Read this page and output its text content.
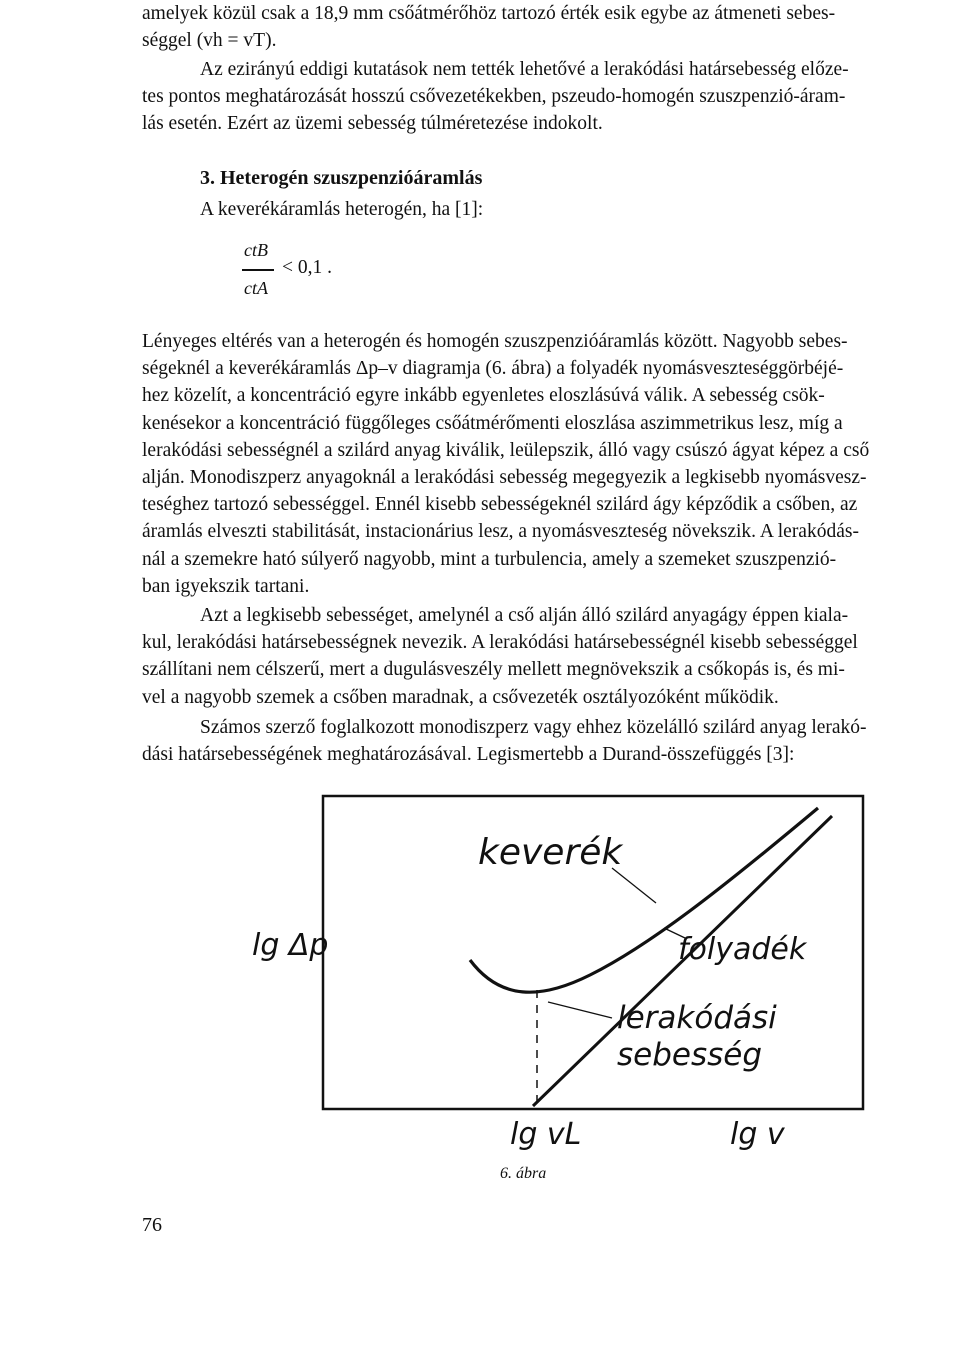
amelyek közül csak a 18,9 mm csőátmérőhöz tartozó érték esik egybe az átmeneti sebes-
séggel (vh = vT).
Az ezirányú eddigi kutatások nem tették lehetővé a lerakódási határsebesség előze-
tes pontos meghatározását hosszú csővezetékekben, pszeudo-homogén szuszpenzió-áram-
lás esetén. Ezért az üzemi sebesség túlméretezése indokolt.
3. Heterogén szuszpenzióáramlás
A keverékáramlás heterogén, ha [1]:
ctB
ctA
< 0,1 .
Lényeges eltérés van a heterogén és homogén szuszpenzióáramlás között. Nagyobb sebes-
ségeknél a keverékáramlás Δp–v diagramja (6. ábra) a folyadék nyomásveszteséggörbéjé-
hez közelít, a koncentráció egyre inkább egyenletes eloszlásúvá válik. A sebesség csök-
kenésekor a koncentráció függőleges csőátmérőmenti eloszlása aszimmetrikus lesz, míg a
lerakódási sebességnél a szilárd anyag kiválik, leülepszik, álló vagy csúszó ágyat képez a cső
alján. Monodiszperz anyagoknál a lerakódási sebesség megegyezik a legkisebb nyomásvesz-
teséghez tartozó sebességgel. Ennél kisebb sebességeknél szilárd ágy képződik a csőben, az
áramlás elveszti stabilitását, instacionárius lesz, a nyomásveszteség növekszik. A lerakódás-
nál a szemekre ható súlyerő nagyobb, mint a turbulencia, amely a szemeket szuszpenzió-
ban igyekszik tartani.
Azt a legkisebb sebességet, amelynél a cső alján álló szilárd anyagágy éppen kiala-
kul, lerakódási határsebességnek nevezik. A lerakódási határsebességnél kisebb sebességgel
szállítani nem célszerű, mert a dugulásveszély mellett megnövekszik a csőkopás is, és mi-
vel a nagyobb szemek a csőben maradnak, a csővezeték osztályozóként működik.
Számos szerző foglalkozott monodiszperz vagy ehhez közelálló szilárd anyag lerakó-
dási határsebességének meghatározásával. Legismertebb a Durand-összefüggés [3]:
keverék
folyadék
lerakódási
sebesség
lg Δp
lg vL	lg v
6. ábra
76
